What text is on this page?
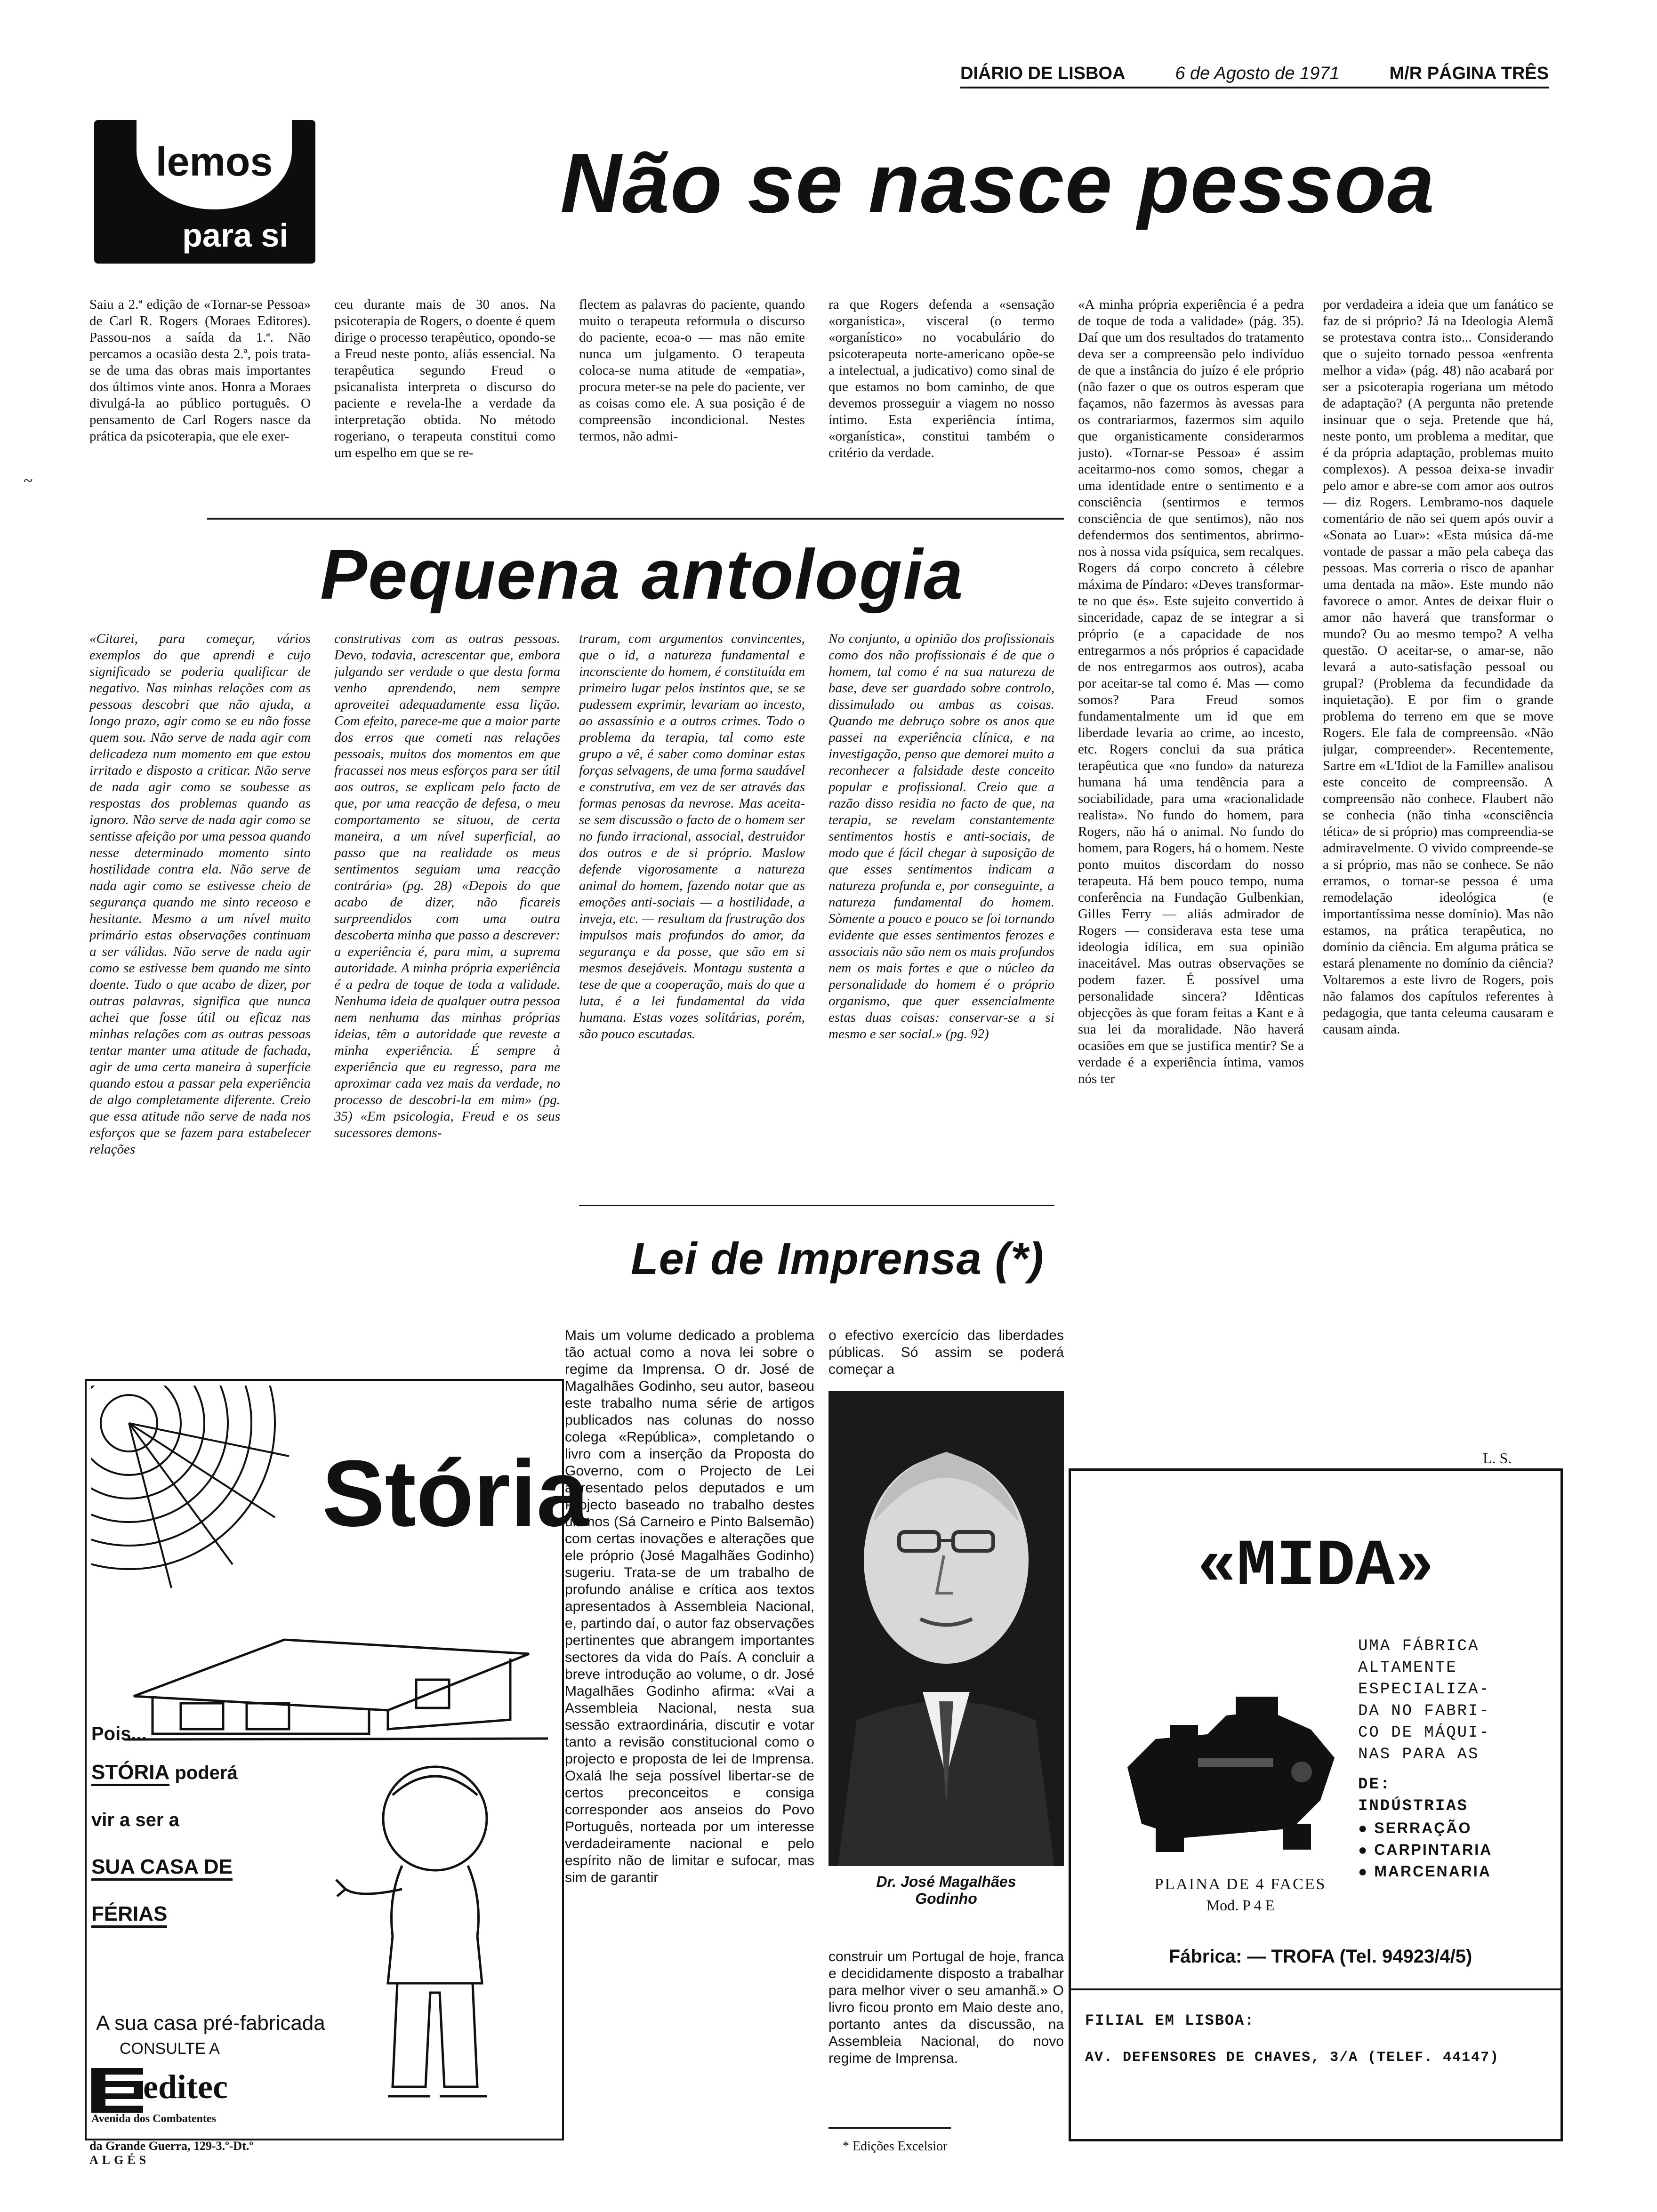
DIÁRIO DE LISBOA	6 de Agosto de 1971	M/R PÁGINA TRÊS
lemos
para si
Não se nasce pessoa
Saiu a 2.ª edição de «Tornar-se Pessoa» de Carl R. Rogers (Moraes Editores). Passou-nos a saída da 1.ª. Não percamos a ocasião desta 2.ª, pois trata-se de uma das obras mais importantes dos últimos vinte anos. Honra a Moraes divulgá-la ao público português. O pensamento de Carl Rogers nasce da prática da psicoterapia, que ele exer-
ceu durante mais de 30 anos. Na psicoterapia de Rogers, o doente é quem dirige o processo terapêutico, opondo-se a Freud neste ponto, aliás essencial. Na terapêutica segundo Freud o psicanalista interpreta o discurso do paciente e revela-lhe a verdade da interpretação obtida. No método rogeriano, o terapeuta constitui como um espelho em que se re-
flectem as palavras do paciente, quando muito o terapeuta reformula o discurso do paciente, ecoa-o — mas não emite nunca um julgamento. O terapeuta coloca-se numa atitude de «empatia», procura meter-se na pele do paciente, ver as coisas como ele. A sua posição é de compreensão incondicional. Nestes termos, não admi-
ra que Rogers defenda a «sensação «organística», visceral (o termo «organístico» no vocabulário do psicoterapeuta norte-americano opõe-se a intelectual, a judicativo) como sinal de que estamos no bom caminho, de que devemos prosseguir a viagem no nosso íntimo. Esta experiência íntima, «organística», constitui também o critério da verdade.
«A minha própria experiência é a pedra de toque de toda a validade» (pág. 35). Daí que um dos resultados do tratamento deva ser a compreensão pelo indivíduo de que a instância do juízo é ele próprio (não fazer o que os outros esperam que façamos, não fazermos às avessas para os contrariarmos, fazermos sim aquilo que organisticamente considerarmos justo). «Tornar-se Pessoa» é assim aceitarmo-nos como somos, chegar a uma identidade entre o sentimento e a consciência (sentirmos e termos consciência de que sentimos), não nos defendermos dos sentimentos, abrirmo-nos à nossa vida psíquica, sem recalques. Rogers dá corpo concreto à célebre máxima de Píndaro: «Deves transformar-te no que és». Este sujeito convertido à sinceridade, capaz de se integrar a si próprio (e a capacidade de nos entregarmos a nós próprios é capacidade de nos entregarmos aos outros), acaba por aceitar-se tal como é. Mas — como somos? Para Freud somos fundamentalmente um id que em liberdade levaria ao crime, ao incesto, etc. Rogers conclui da sua prática terapêutica que «no fundo» da natureza humana há uma tendência para a sociabilidade, para uma «racionalidade realista». No fundo do homem, para Rogers, não há o animal. No fundo do homem, para Rogers, há o homem. Neste ponto muitos discordam do nosso terapeuta. Há bem pouco tempo, numa conferência na Fundação Gulbenkian, Gilles Ferry — aliás admirador de Rogers — considerava esta tese uma ideologia idílica, em sua opinião inaceitável. Mas outras observações se podem fazer. É possível uma personalidade sincera? Idênticas objecções às que foram feitas a Kant e à sua lei da moralidade. Não haverá ocasiões em que se justifica mentir? Se a verdade é a experiência íntima, vamos nós ter
por verdadeira a ideia que um fanático se faz de si próprio? Já na Ideologia Alemã se protestava contra isto... Considerando que o sujeito tornado pessoa «enfrenta melhor a vida» (pág. 48) não acabará por ser a psicoterapia rogeriana um método de adaptação? (A pergunta não pretende insinuar que o seja. Pretende que há, neste ponto, um problema a meditar, que é da própria adaptação, problemas muito complexos). A pessoa deixa-se invadir pelo amor e abre-se com amor aos outros — diz Rogers. Lembramo-nos daquele comentário de não sei quem após ouvir a «Sonata ao Luar»: «Esta música dá-me vontade de passar a mão pela cabeça das pessoas. Mas correria o risco de apanhar uma dentada na mão». Este mundo não favorece o amor. Antes de deixar fluir o amor não haverá que transformar o mundo? Ou ao mesmo tempo? A velha questão. O aceitar-se, o amar-se, não levará a auto-satisfação pessoal ou grupal? (Problema da fecundidade da inquietação). E por fim o grande problema do terreno em que se move Rogers. Ele fala de compreensão. «Não julgar, compreender». Recentemente, Sartre em «L'Idiot de la Famille» analisou este conceito de compreensão. A compreensão não conhece. Flaubert não se conhecia (não tinha «consciência tética» de si próprio) mas compreendia-se admiravelmente. O vivido compreende-se a si próprio, mas não se conhece. Se não erramos, o tornar-se pessoa é uma remodelação ideológica (e importantíssima nesse domínio). Mas não estamos, na prática terapêutica, no domínio da ciência. Em alguma prática se estará plenamente no domínio da ciência? Voltaremos a este livro de Rogers, pois não falamos dos capítulos referentes à pedagogia, que tanta celeuma causaram e causam ainda.
L. S.
Pequena antologia
«Citarei, para começar, vários exemplos do que aprendi e cujo significado se poderia qualificar de negativo. Nas minhas relações com as pessoas descobri que não ajuda, a longo prazo, agir como se eu não fosse quem sou. Não serve de nada agir com delicadeza num momento em que estou irritado e disposto a criticar. Não serve de nada agir como se soubesse as respostas dos problemas quando as ignoro. Não serve de nada agir como se sentisse afeição por uma pessoa quando nesse determinado momento sinto hostilidade contra ela. Não serve de nada agir como se estivesse cheio de segurança quando me sinto receoso e hesitante. Mesmo a um nível muito primário estas observações continuam a ser válidas. Não serve de nada agir como se estivesse bem quando me sinto doente. Tudo o que acabo de dizer, por outras palavras, significa que nunca achei que fosse útil ou eficaz nas minhas relações com as outras pessoas tentar manter uma atitude de fachada, agir de uma certa maneira à superfície quando estou a passar pela experiência de algo completamente diferente. Creio que essa atitude não serve de nada nos esforços que se fazem para estabelecer relações
construtivas com as outras pessoas. Devo, todavia, acrescentar que, embora julgando ser verdade o que desta forma venho aprendendo, nem sempre aproveitei adequadamente essa lição. Com efeito, parece-me que a maior parte dos erros que cometi nas relações pessoais, muitos dos momentos em que fracassei nos meus esforços para ser útil aos outros, se explicam pelo facto de que, por uma reacção de defesa, o meu comportamento se situou, de certa maneira, a um nível superficial, ao passo que na realidade os meus sentimentos seguiam uma reacção contrária» (pg. 28) «Depois do que acabo de dizer, não ficareis surpreendidos com uma outra descoberta minha que passo a descrever: a experiência é, para mim, a suprema autoridade. A minha própria experiência é a pedra de toque de toda a validade. Nenhuma ideia de qualquer outra pessoa nem nenhuma das minhas próprias ideias, têm a autoridade que reveste a minha experiência. É sempre à experiência que eu regresso, para me aproximar cada vez mais da verdade, no processo de descobri-la em mim» (pg. 35) «Em psicologia, Freud e os seus sucessores demons-
traram, com argumentos convincentes, que o id, a natureza fundamental e inconsciente do homem, é constituída em primeiro lugar pelos instintos que, se se pudessem exprimir, levariam ao incesto, ao assassínio e a outros crimes. Todo o problema da terapia, tal como este grupo a vê, é saber como dominar estas forças selvagens, de uma forma saudável e construtiva, em vez de ser através das formas penosas da nevrose. Mas aceita-se sem discussão o facto de o homem ser no fundo irracional, associal, destruidor dos outros e de si próprio. Maslow defende vigorosamente a natureza animal do homem, fazendo notar que as emoções anti-sociais — a hostilidade, a inveja, etc. — resultam da frustração dos impulsos mais profundos do amor, da segurança e da posse, que são em si mesmos desejáveis. Montagu sustenta a tese de que a cooperação, mais do que a luta, é a lei fundamental da vida humana. Estas vozes solitárias, porém, são pouco escutadas.
No conjunto, a opinião dos profissionais como dos não profissionais é de que o homem, tal como é na sua natureza de base, deve ser guardado sobre controlo, dissimulado ou ambas as coisas. Quando me debruço sobre os anos que passei na experiência clínica, e na investigação, penso que demorei muito a reconhecer a falsidade deste conceito popular e profissional. Creio que a razão disso residia no facto de que, na terapia, se revelam constantemente sentimentos hostis e anti-sociais, de modo que é fácil chegar à suposição de que esses sentimentos indicam a natureza profunda e, por conseguinte, a natureza fundamental do homem. Sòmente a pouco e pouco se foi tornando evidente que esses sentimentos ferozes e associais não são nem os mais profundos nem os mais fortes e que o núcleo da personalidade do homem é o próprio organismo, que quer essencialmente estas duas coisas: conservar-se a si mesmo e ser social.» (pg. 92)
Lei de Imprensa (*)
Mais um volume dedicado a problema tão actual como a nova lei sobre o regime da Imprensa. O dr. José de Magalhães Godinho, seu autor, baseou este trabalho numa série de artigos publicados nas colunas do nosso colega «República», completando o livro com a inserção da Proposta do Governo, com o Projecto de Lei apresentado pelos deputados e um Projecto baseado no trabalho destes últimos (Sá Carneiro e Pinto Balsemão) com certas inovações e alterações que ele próprio (José Magalhães Godinho) sugeriu. Trata-se de um trabalho de profundo análise e crítica aos textos apresentados à Assembleia Nacional, e, partindo daí, o autor faz observações pertinentes que abrangem importantes sectores da vida do País. A concluir a breve introdução ao volume, o dr. José Magalhães Godinho afirma: «Vai a Assembleia Nacional, nesta sua sessão extraordinária, discutir e votar tanto a revisão constitucional como o projecto e proposta de lei de Imprensa. Oxalá lhe seja possível libertar-se de certos preconceitos e consiga corresponder aos anseios do Povo Português, norteada por um interesse verdadeiramente nacional e pelo espírito não de limitar e sufocar, mas sim de garantir
o efectivo exercício das liberdades públicas. Só assim se poderá começar a
Dr. José Magalhães
Godinho
construir um Portugal de hoje, franca e decididamente disposto a trabalhar para melhor viver o seu amanhã.» O livro ficou pronto em Maio deste ano, portanto antes da discussão, na Assembleia Nacional, do novo regime de Imprensa.
* Edições Excelsior
Stória
Pois...
STÓRIA poderá
vir a ser a
SUA CASA DE
FÉRIAS
A sua casa pré-fabricada
CONSULTE A
editec
Avenida dos Combatentes
da Grande Guerra, 129-3.º-Dt.º
ALGÉS
«MIDA»
UMA FÁBRICA
ALTAMENTE
ESPECIALIZA-
DA NO FABRI-
CO DE MÁQUI-
NAS PARA AS
DE:
INDÚSTRIAS
● SERRAÇÃO
● CARPINTARIA
● MARCENARIA
PLAINA DE 4 FACES
Mod. P 4 E
Fábrica: — TROFA (Tel. 94923/4/5)
FILIAL EM LISBOA:
AV. DEFENSORES DE CHAVES, 3/A (TELEF. 44147)
~
